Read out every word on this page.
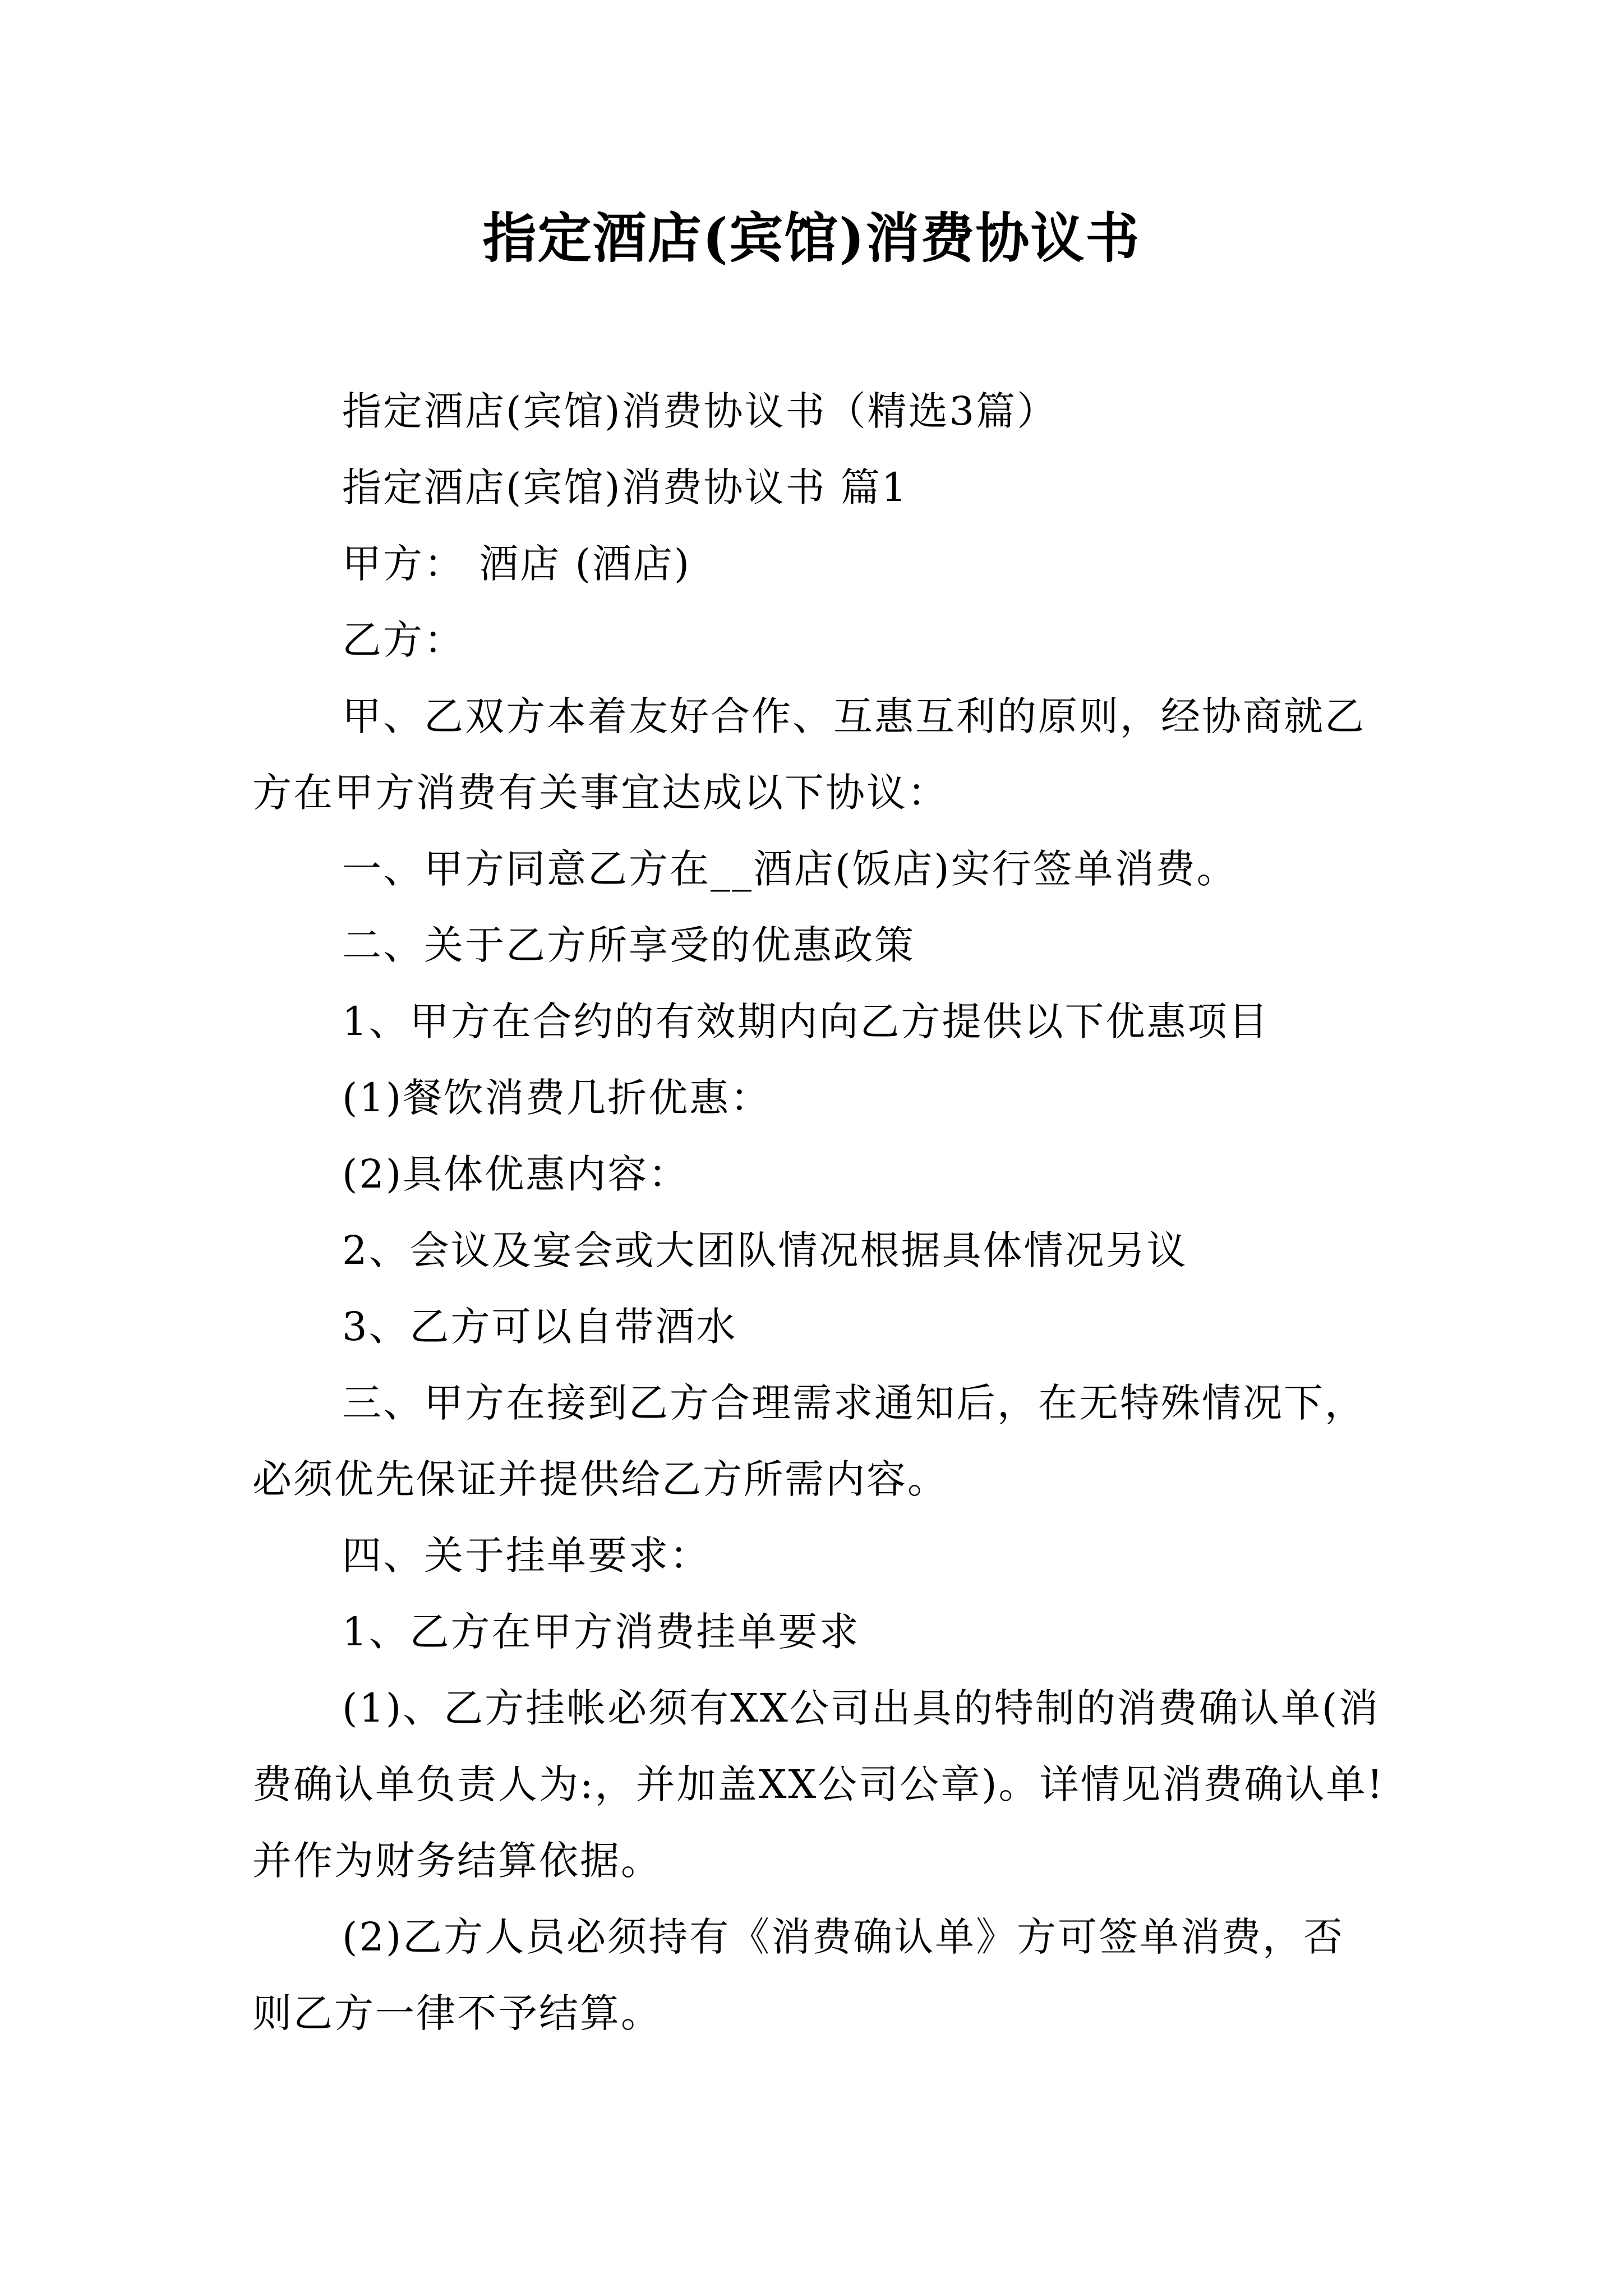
指定酒店(宾馆)消费协议书

指定酒店(宾馆)消费协议书（精选3篇）

指定酒店(宾馆)消费协议书 篇1

甲方： 酒店 (酒店)

乙方：

甲、乙双方本着友好合作、互惠互利的原则，经协商就乙方在甲方消费有关事宜达成以下协议：

一、甲方同意乙方在__酒店(饭店)实行签单消费。

二、关于乙方所享受的优惠政策

1、甲方在合约的有效期内向乙方提供以下优惠项目

(1)餐饮消费几折优惠：

(2)具体优惠内容：

2、会议及宴会或大团队情况根据具体情况另议

3、乙方可以自带酒水

三、甲方在接到乙方合理需求通知后，在无特殊情况下，必须优先保证并提供给乙方所需内容。

四、关于挂单要求：

1、乙方在甲方消费挂单要求

(1)、乙方挂帐必须有XX公司出具的特制的消费确认单(消费确认单负责人为:，并加盖XX公司公章)。详情见消费确认单!并作为财务结算依据。

(2)乙方人员必须持有《消费确认单》方可签单消费，否则乙方一律不予结算。
